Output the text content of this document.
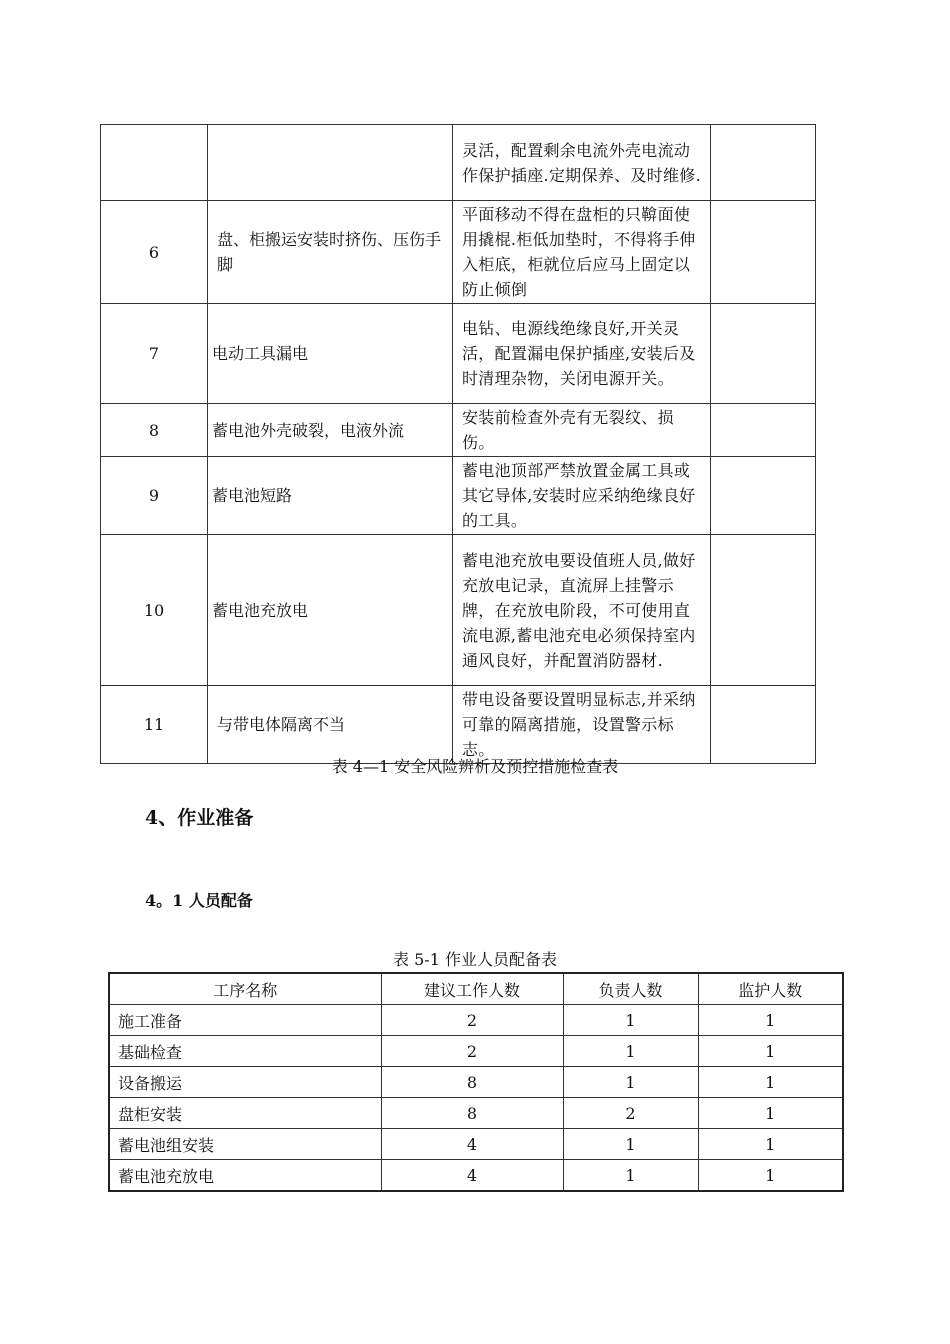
		灵活，配置剩余电流外壳电流动作保护插座.定期保养、及时维修.	
6	盘、柜搬运安装时挤伤、压伤手脚	平面移动不得在盘柜的只鞥面使用撬棍.柜低加垫时，不得将手伸入柜底，柜就位后应马上固定以防止倾倒	
7	电动工具漏电	电钻、电源线绝缘良好,开关灵活，配置漏电保护插座,安装后及时清理杂物，关闭电源开关。	
8	蓄电池外壳破裂，电液外流	安装前检查外壳有无裂纹、损伤。	
9	蓄电池短路	蓄电池顶部严禁放置金属工具或其它导体,安装时应采纳绝缘良好的工具。	
10	蓄电池充放电	蓄电池充放电要设值班人员,做好充放电记录，直流屏上挂警示牌，在充放电阶段，不可使用直流电源,蓄电池充电必须保持室内通风良好，并配置消防器材.	
11	与带电体隔离不当	带电设备要设置明显标志,并采纳可靠的隔离措施，设置警示标志。	
表 4—1 安全风险辨析及预控措施检查表
4、作业准备
4。1 人员配备
表 5-1 作业人员配备表
工序名称	建议工作人数	负责人数	监护人数
施工准备	2	1	1
基础检查	2	1	1
设备搬运	8	1	1
盘柜安装	8	2	1
蓄电池组安装	4	1	1
蓄电池充放电	4	1	1
